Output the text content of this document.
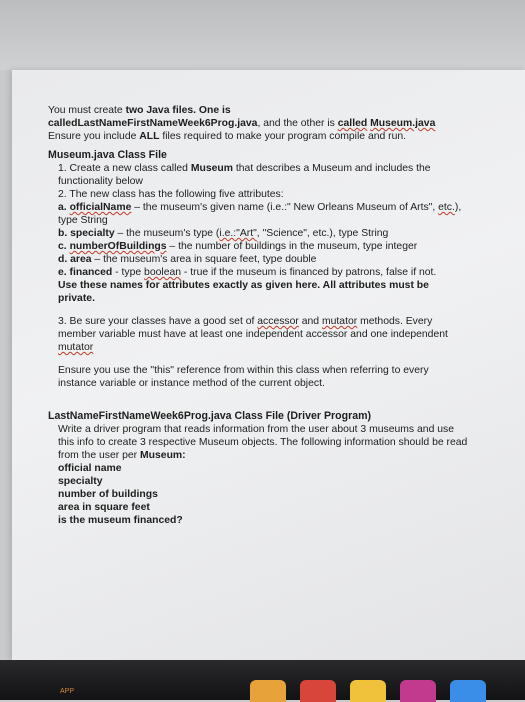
You must create two Java files. One is
calledLastNameFirstNameWeek6Prog.java, and the other is called Museum.java

Ensure you include ALL files required to make your program compile and run.

Museum.java Class File

1. Create a new class called Museum that describes a Museum and includes the functionality below

2. The new class has the following five attributes:

a. officialName – the museum's given name (i.e.:" New Orleans Museum of Arts", etc.), type String

b. specialty – the museum's type (i.e.:"Art", "Science", etc.), type String

c. numberOfBuildings – the number of buildings in the museum, type integer

d. area – the museum's area in square feet, type double

e. financed - type boolean - true if the museum is financed by patrons, false if not.

Use these names for attributes exactly as given here. All attributes must be private.

3. Be sure your classes have a good set of accessor and mutator methods. Every member variable must have at least one independent accessor and one independent mutator

Ensure you use the "this" reference from within this class when referring to every instance variable or instance method of the current object.

LastNameFirstNameWeek6Prog.java Class File (Driver Program)

Write a driver program that reads information from the user about 3 museums and use this info to create 3 respective Museum objects. The following information should be read from the user per Museum:

official name

specialty

number of buildings

area in square feet

is the museum financed?

APP
